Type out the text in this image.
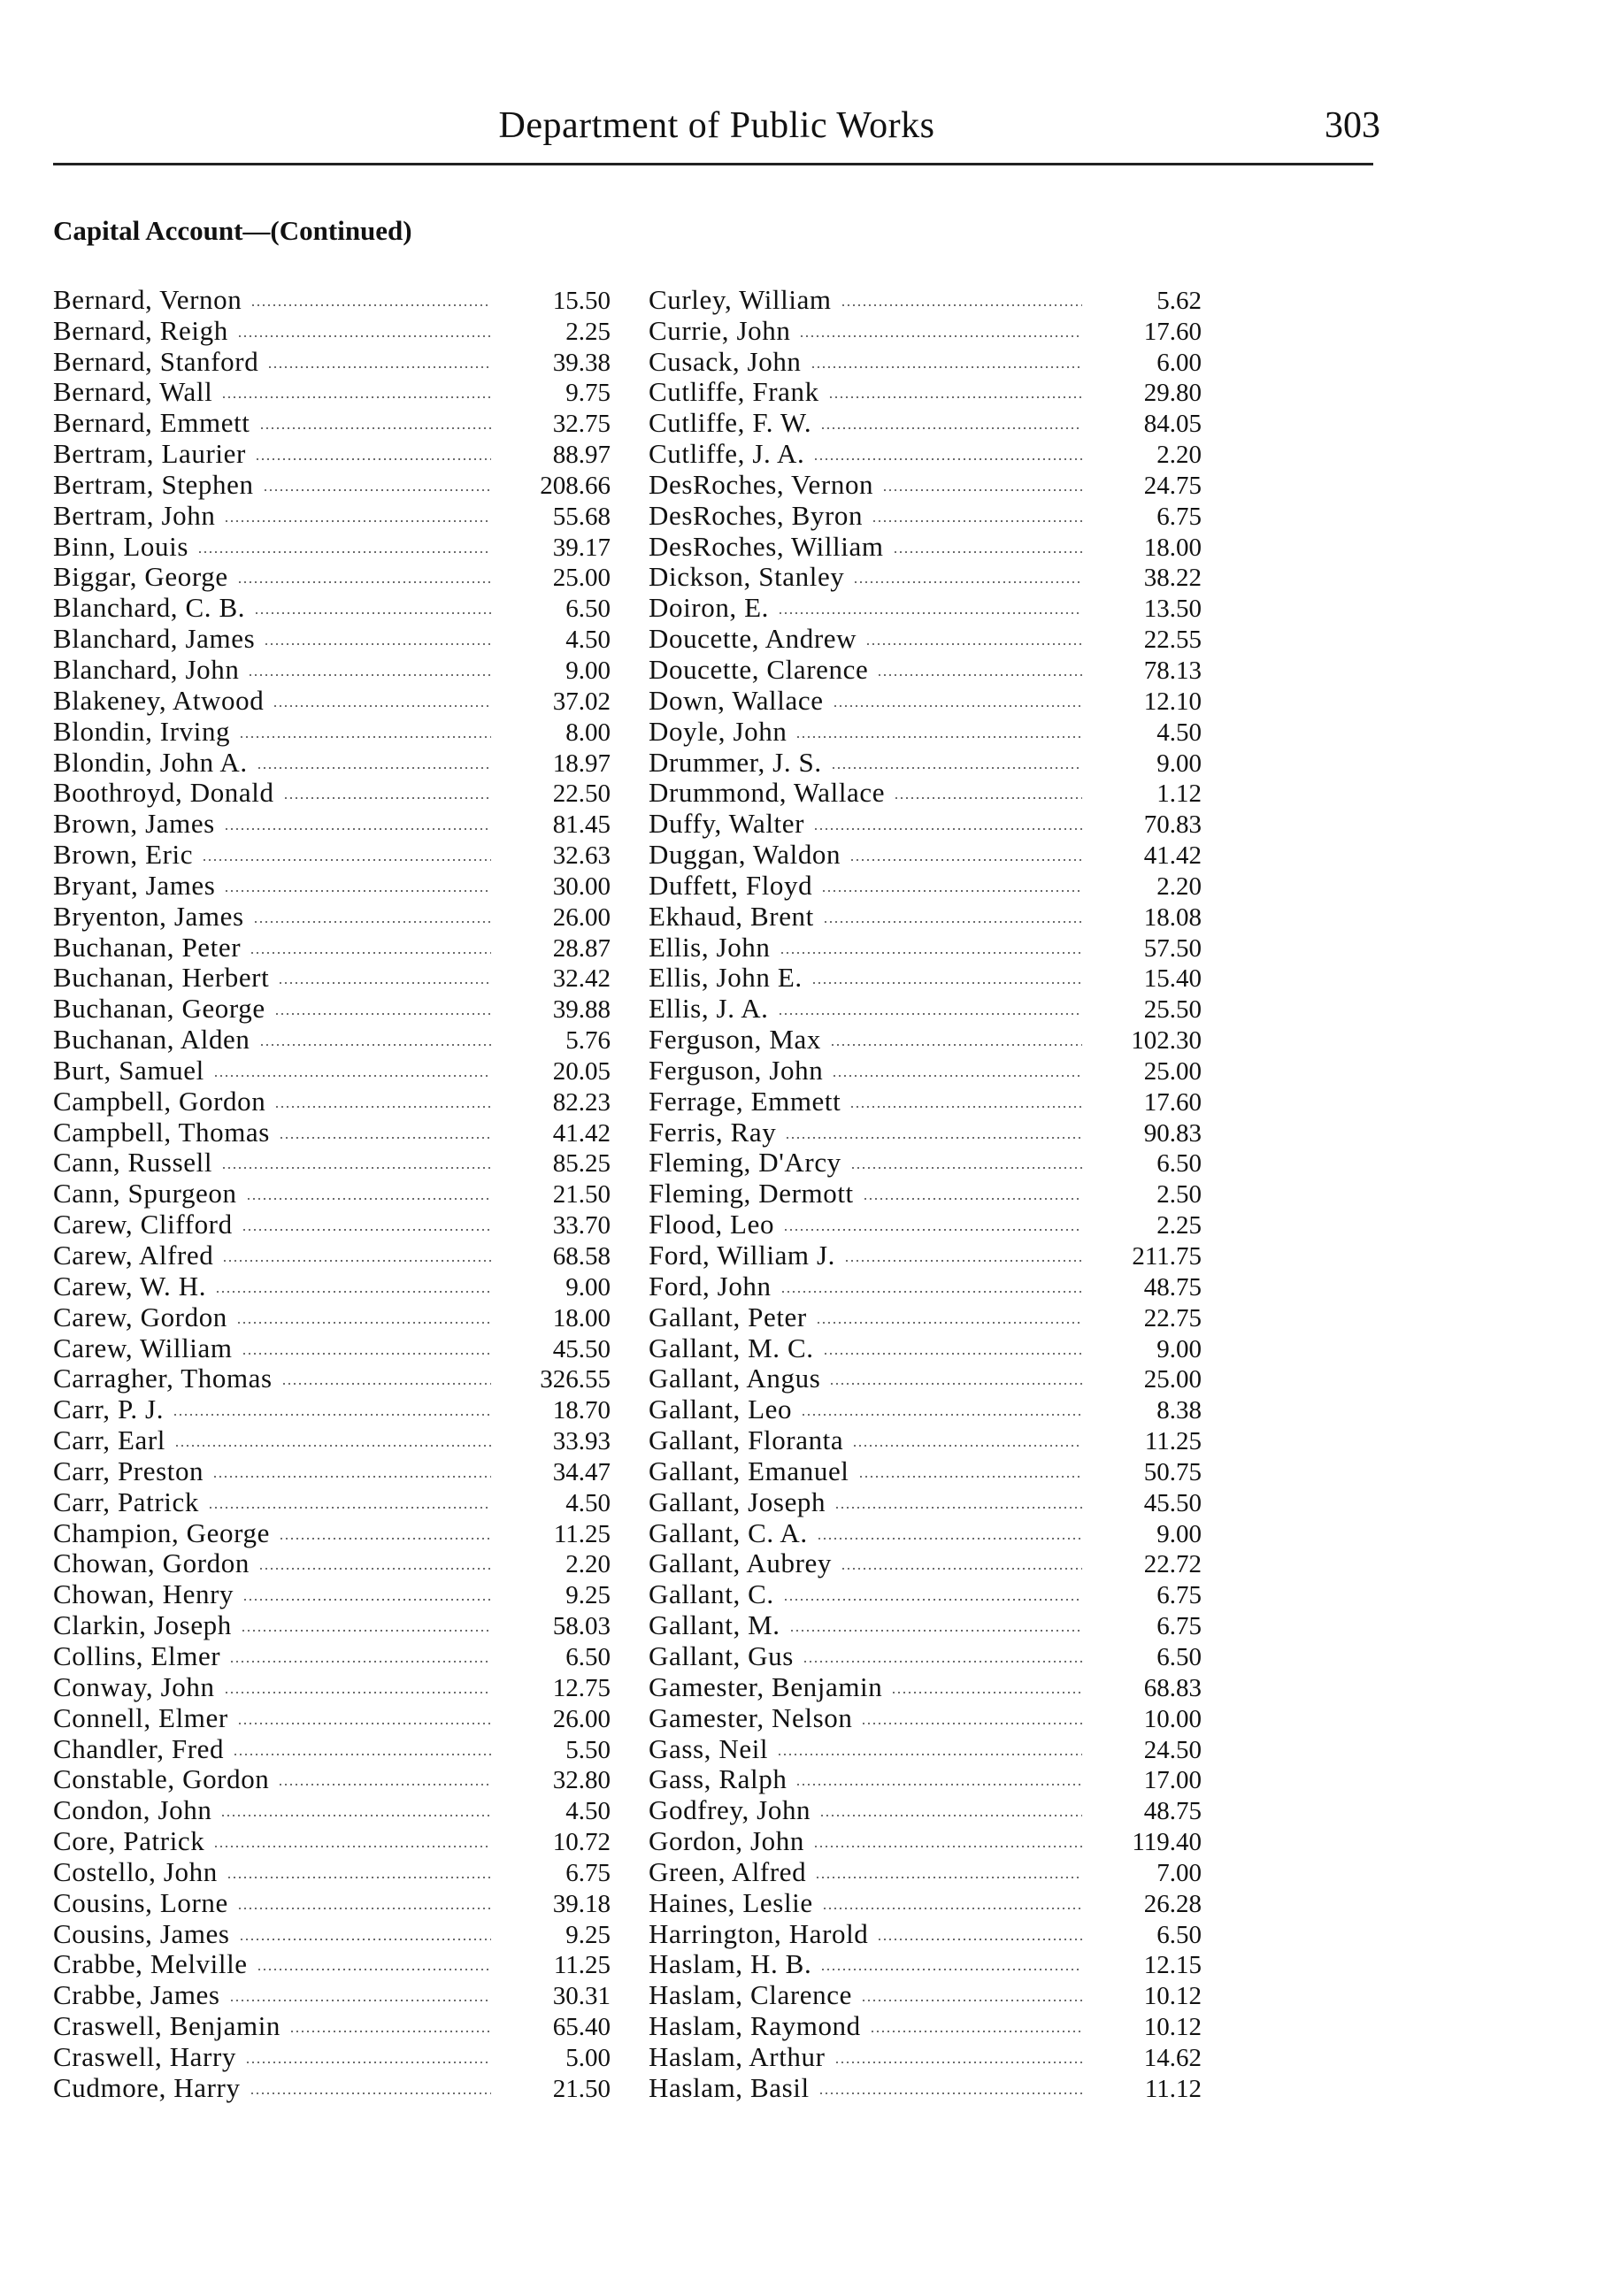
Department of Public Works	303
Capital Account—(Continued)
Bernard, Vernon	15.50
Bernard, Reigh	2.25
Bernard, Stanford	39.38
Bernard, Wall	9.75
Bernard, Emmett	32.75
Bertram, Laurier	88.97
Bertram, Stephen	208.66
Bertram, John	55.68
Binn, Louis	39.17
Biggar, George	25.00
Blanchard, C. B.	6.50
Blanchard, James	4.50
Blanchard, John	9.00
Blakeney, Atwood	37.02
Blondin, Irving	8.00
Blondin, John A.	18.97
Boothroyd, Donald	22.50
Brown, James	81.45
Brown, Eric	32.63
Bryant, James	30.00
Bryenton, James	26.00
Buchanan, Peter	28.87
Buchanan, Herbert	32.42
Buchanan, George	39.88
Buchanan, Alden	5.76
Burt, Samuel	20.05
Campbell, Gordon	82.23
Campbell, Thomas	41.42
Cann, Russell	85.25
Cann, Spurgeon	21.50
Carew, Clifford	33.70
Carew, Alfred	68.58
Carew, W. H.	9.00
Carew, Gordon	18.00
Carew, William	45.50
Carragher, Thomas	326.55
Carr, P. J.	18.70
Carr, Earl	33.93
Carr, Preston	34.47
Carr, Patrick	4.50
Champion, George	11.25
Chowan, Gordon	2.20
Chowan, Henry	9.25
Clarkin, Joseph	58.03
Collins, Elmer	6.50
Conway, John	12.75
Connell, Elmer	26.00
Chandler, Fred	5.50
Constable, Gordon	32.80
Condon, John	4.50
Core, Patrick	10.72
Costello, John	6.75
Cousins, Lorne	39.18
Cousins, James	9.25
Crabbe, Melville	11.25
Crabbe, James	30.31
Craswell, Benjamin	65.40
Craswell, Harry	5.00
Cudmore, Harry	21.50
Curley, William	5.62
Currie, John	17.60
Cusack, John	6.00
Cutliffe, Frank	29.80
Cutliffe, F. W.	84.05
Cutliffe, J. A.	2.20
DesRoches, Vernon	24.75
DesRoches, Byron	6.75
DesRoches, William	18.00
Dickson, Stanley	38.22
Doiron, E.	13.50
Doucette, Andrew	22.55
Doucette, Clarence	78.13
Down, Wallace	12.10
Doyle, John	4.50
Drummer, J. S.	9.00
Drummond, Wallace	1.12
Duffy, Walter	70.83
Duggan, Waldon	41.42
Duffett, Floyd	2.20
Ekhaud, Brent	18.08
Ellis, John	57.50
Ellis, John E.	15.40
Ellis, J. A.	25.50
Ferguson, Max	102.30
Ferguson, John	25.00
Ferrage, Emmett	17.60
Ferris, Ray	90.83
Fleming, D'Arcy	6.50
Fleming, Dermott	2.50
Flood, Leo	2.25
Ford, William J.	211.75
Ford, John	48.75
Gallant, Peter	22.75
Gallant, M. C.	9.00
Gallant, Angus	25.00
Gallant, Leo	8.38
Gallant, Floranta	11.25
Gallant, Emanuel	50.75
Gallant, Joseph	45.50
Gallant, C. A.	9.00
Gallant, Aubrey	22.72
Gallant, C.	6.75
Gallant, M.	6.75
Gallant, Gus	6.50
Gamester, Benjamin	68.83
Gamester, Nelson	10.00
Gass, Neil	24.50
Gass, Ralph	17.00
Godfrey, John	48.75
Gordon, John	119.40
Green, Alfred	7.00
Haines, Leslie	26.28
Harrington, Harold	6.50
Haslam, H. B.	12.15
Haslam, Clarence	10.12
Haslam, Raymond	10.12
Haslam, Arthur	14.62
Haslam, Basil	11.12
